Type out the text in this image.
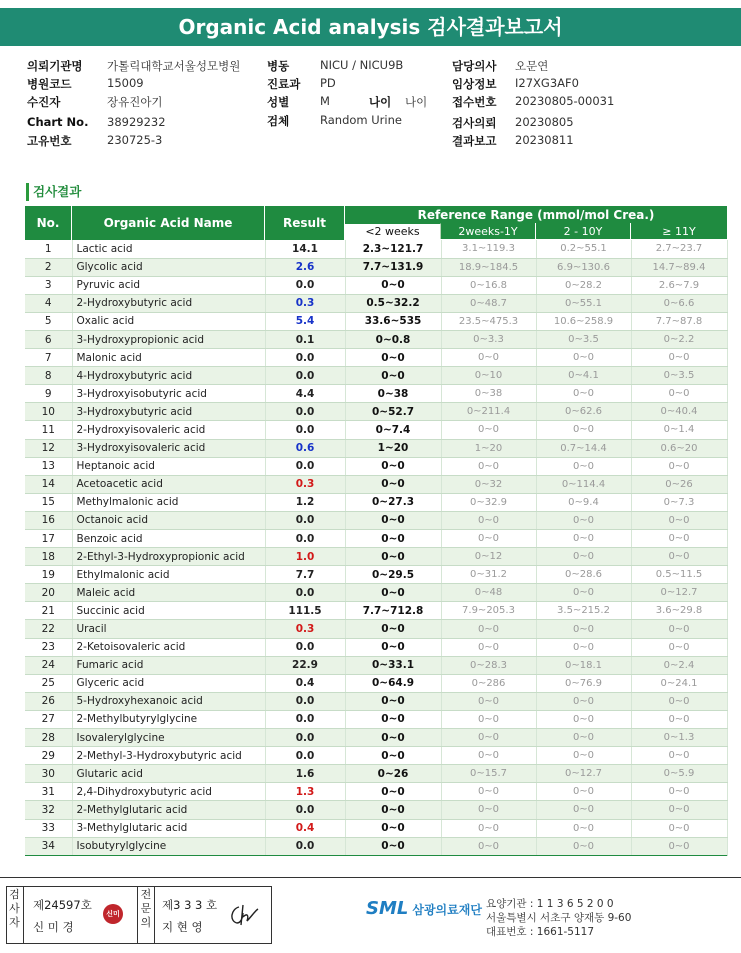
Organic Acid analysis 검사결과보고서
의뢰기관명 가톨릭대학교서울성모병원
병원코드	15009
수진자	장유진아기
Chart No. 38929232
고유번호	230725-3
병동	NICU / NICU9B
진료과 PD
성별	M	나이 나이
검체	Random Urine
담당의사 오문연
임상정보 I27XG3AF0
접수번호 20230805-00031
검사의뢰 20230805
결과보고 20230811
검사결과
No.	Organic Acid Name	Result
Reference Range (mmol/mol Crea.)
<2 weeks	2weeks-1Y	2 - 10Y	≥ 11Y
1	Lactic acid	14.1	2.3~121.7	3.1~119.3	0.2~55.1	2.7~23.7
2	Glycolic acid	2.6	7.7~131.9	18.9~184.5	6.9~130.6	14.7~89.4
3	Pyruvic acid	0.0	0~0	0~16.8	0~28.2	2.6~7.9
4	2-Hydroxybutyric acid	0.3	0.5~32.2	0~48.7	0~55.1	0~6.6
5	Oxalic acid	5.4	33.6~535	23.5~475.3	10.6~258.9	7.7~87.8
6	3-Hydroxypropionic acid	0.1	0~0.8	0~3.3	0~3.5	0~2.2
7	Malonic acid	0.0	0~0	0~0	0~0	0~0
8	4-Hydroxybutyric acid	0.0	0~0	0~10	0~4.1	0~3.5
9	3-Hydroxyisobutyric acid	4.4	0~38	0~38	0~0	0~0
10	3-Hydroxybutyric acid	0.0	0~52.7	0~211.4	0~62.6	0~40.4
11	2-Hydroxyisovaleric acid	0.0	0~7.4	0~0	0~0	0~1.4
12	3-Hydroxyisovaleric acid	0.6	1~20	1~20	0.7~14.4	0.6~20
13	Heptanoic acid	0.0	0~0	0~0	0~0	0~0
14	Acetoacetic acid	0.3	0~0	0~32	0~114.4	0~26
15	Methylmalonic acid	1.2	0~27.3	0~32.9	0~9.4	0~7.3
16	Octanoic acid	0.0	0~0	0~0	0~0	0~0
17	Benzoic acid	0.0	0~0	0~0	0~0	0~0
18	2-Ethyl-3-Hydroxypropionic acid	1.0	0~0	0~12	0~0	0~0
19	Ethylmalonic acid	7.7	0~29.5	0~31.2	0~28.6	0.5~11.5
20	Maleic acid	0.0	0~0	0~48	0~0	0~12.7
21	Succinic acid	111.5	7.7~712.8	7.9~205.3	3.5~215.2	3.6~29.8
22	Uracil	0.3	0~0	0~0	0~0	0~0
23	2-Ketoisovaleric acid	0.0	0~0	0~0	0~0	0~0
24	Fumaric acid	22.9	0~33.1	0~28.3	0~18.1	0~2.4
25	Glyceric acid	0.4	0~64.9	0~286	0~76.9	0~24.1
26	5-Hydroxyhexanoic acid	0.0	0~0	0~0	0~0	0~0
27	2-Methylbutyrylglycine	0.0	0~0	0~0	0~0	0~0
28	Isovalerylglycine	0.0	0~0	0~0	0~0	0~1.3
29	2-Methyl-3-Hydroxybutyric acid	0.0	0~0	0~0	0~0	0~0
30	Glutaric acid	1.6	0~26	0~15.7	0~12.7	0~5.9
31	2,4-Dihydroxybutyric acid	1.3	0~0	0~0	0~0	0~0
32	2-Methylglutaric acid	0.0	0~0	0~0	0~0	0~0
33	3-Methylglutaric acid	0.4	0~0	0~0	0~0	0~0
34	Isobutyrylglycine	0.0	0~0	0~0	0~0	0~0
검사자
제24597호
신 미 경
신미경
전문의
제3 3 3 호
지 현 영
SML 삼광의료재단 요양기관 : 1 1 3 6 5 2 0 0
서울특별시 서초구 양재동 9-60
대표번호 : 1661-5117
